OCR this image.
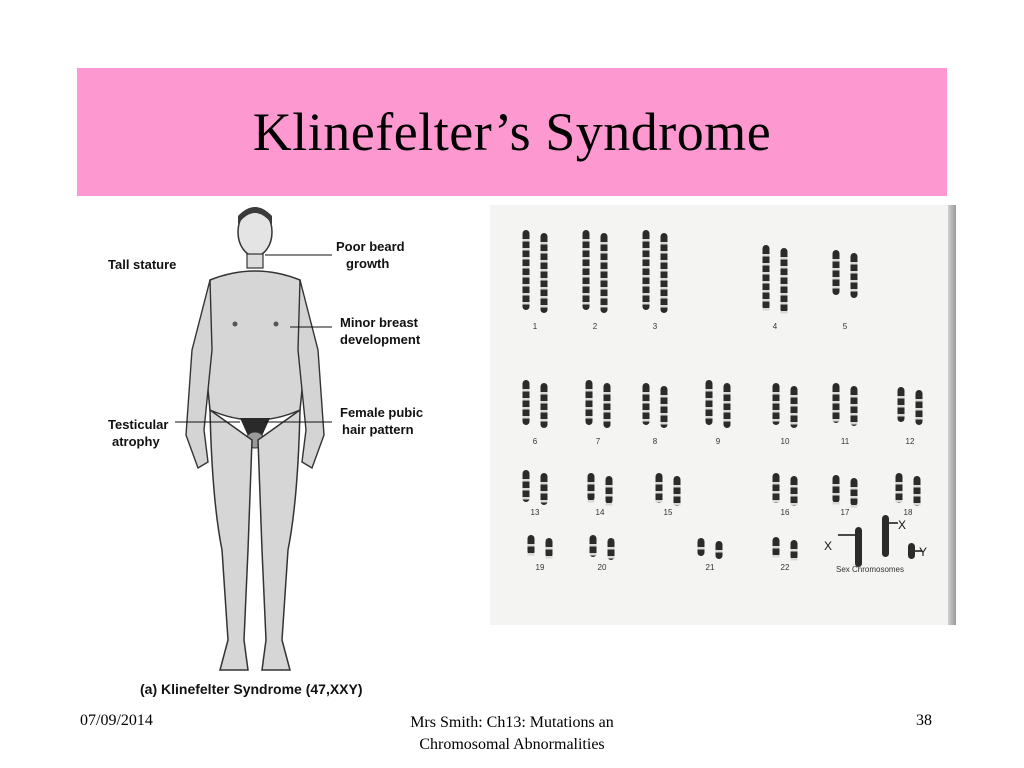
Klinefelter’s Syndrome
Tall stature
Poor beard
growth
Minor breast
development
Testicular
atrophy
Female pubic
hair pattern
(a) Klinefelter Syndrome (47,XXY)
1	2	3	4	5
6	7	8	9	10	11	12
13	14	15	16	17	18
19	20	21	22
X
X	Y
Sex Chromosomes
07/09/2014	Mrs Smith: Ch13: Mutations an
Chromosomal Abnormalities
38
